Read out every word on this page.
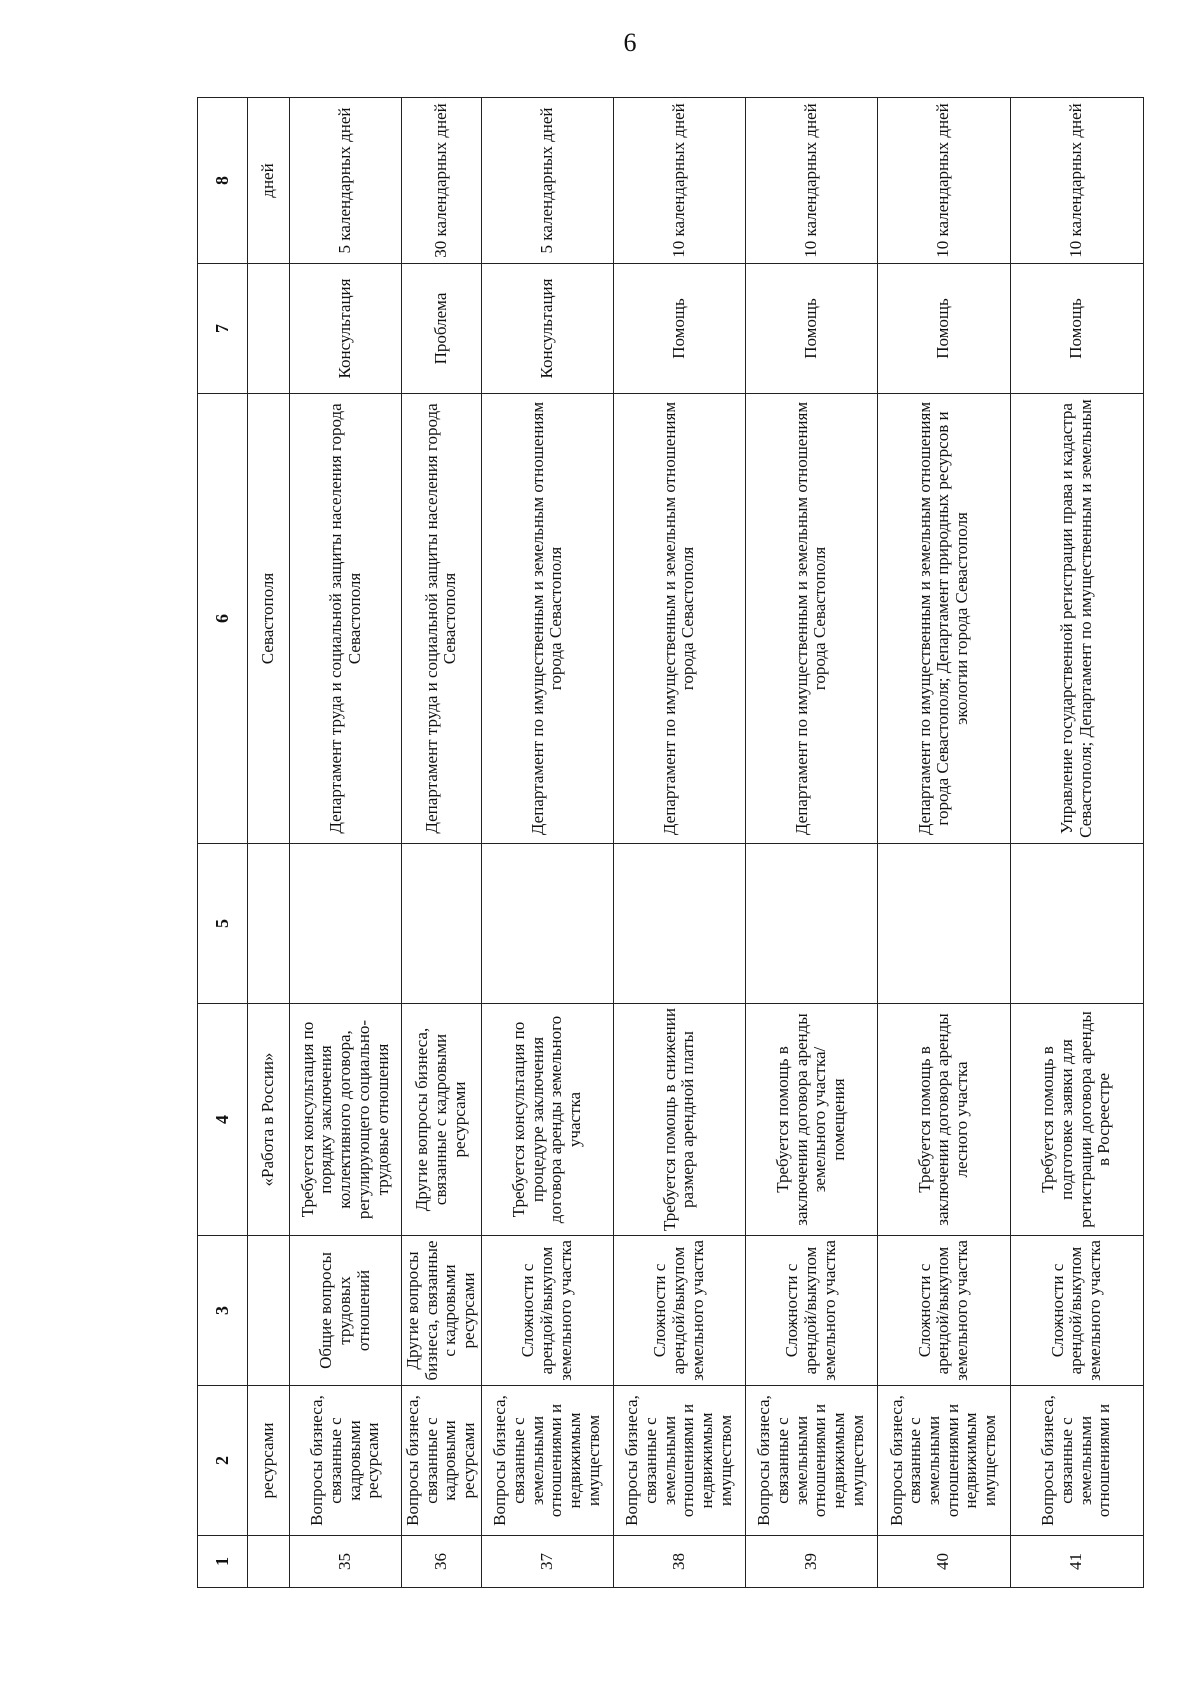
6
1	2	3	4	5	6	7	8
	ресурсами		«Работа в России»		Севастополя		дней
35	Вопросы бизнеса, связанные с кадровыми ресурсами	Общие вопросы трудовых отношений	Требуется консультация по порядку заключения коллективного договора, регулирующего социально-трудовые отношения		Департамент труда и социальной защиты населения города Севастополя	Консультация	5 календарных дней
36	Вопросы бизнеса, связанные с кадровыми ресурсами	Другие вопросы бизнеса, связанные с кадровыми ресурсами	Другие вопросы бизнеса, связанные с кадровыми ресурсами		Департамент труда и социальной защиты населения города Севастополя	Проблема	30 календарных дней
37	Вопросы бизнеса, связанные с земельными отношениями и недвижимым имуществом	Сложности с арендой/выкупом земельного участка	Требуется консультация по процедуре заключения договора аренды земельного участка		Департамент по имущественным и земельным отношениям города Севастополя	Консультация	5 календарных дней
38	Вопросы бизнеса, связанные с земельными отношениями и недвижимым имуществом	Сложности с арендой/выкупом земельного участка	Требуется помощь в снижении размера арендной платы		Департамент по имущественным и земельным отношениям города Севастополя	Помощь	10 календарных дней
39	Вопросы бизнеса, связанные с земельными отношениями и недвижимым имуществом	Сложности с арендой/выкупом земельного участка	Требуется помощь в заключении договора аренды земельного участка/помещения		Департамент по имущественным и земельным отношениям города Севастополя	Помощь	10 календарных дней
40	Вопросы бизнеса, связанные с земельными отношениями и недвижимым имуществом	Сложности с арендой/выкупом земельного участка	Требуется помощь в заключении договора аренды лесного участка		Департамент по имущественным и земельным отношениям города Севастополя; Департамент природных ресурсов и экологии города Севастополя	Помощь	10 календарных дней
41	Вопросы бизнеса, связанные с земельными отношениями и	Сложности с арендой/выкупом земельного участка	Требуется помощь в подготовке заявки для регистрации договора аренды в Росреестре		Управление государственной регистрации права и кадастра Севастополя; Департамент по имущественным и земельным	Помощь	10 календарных дней
